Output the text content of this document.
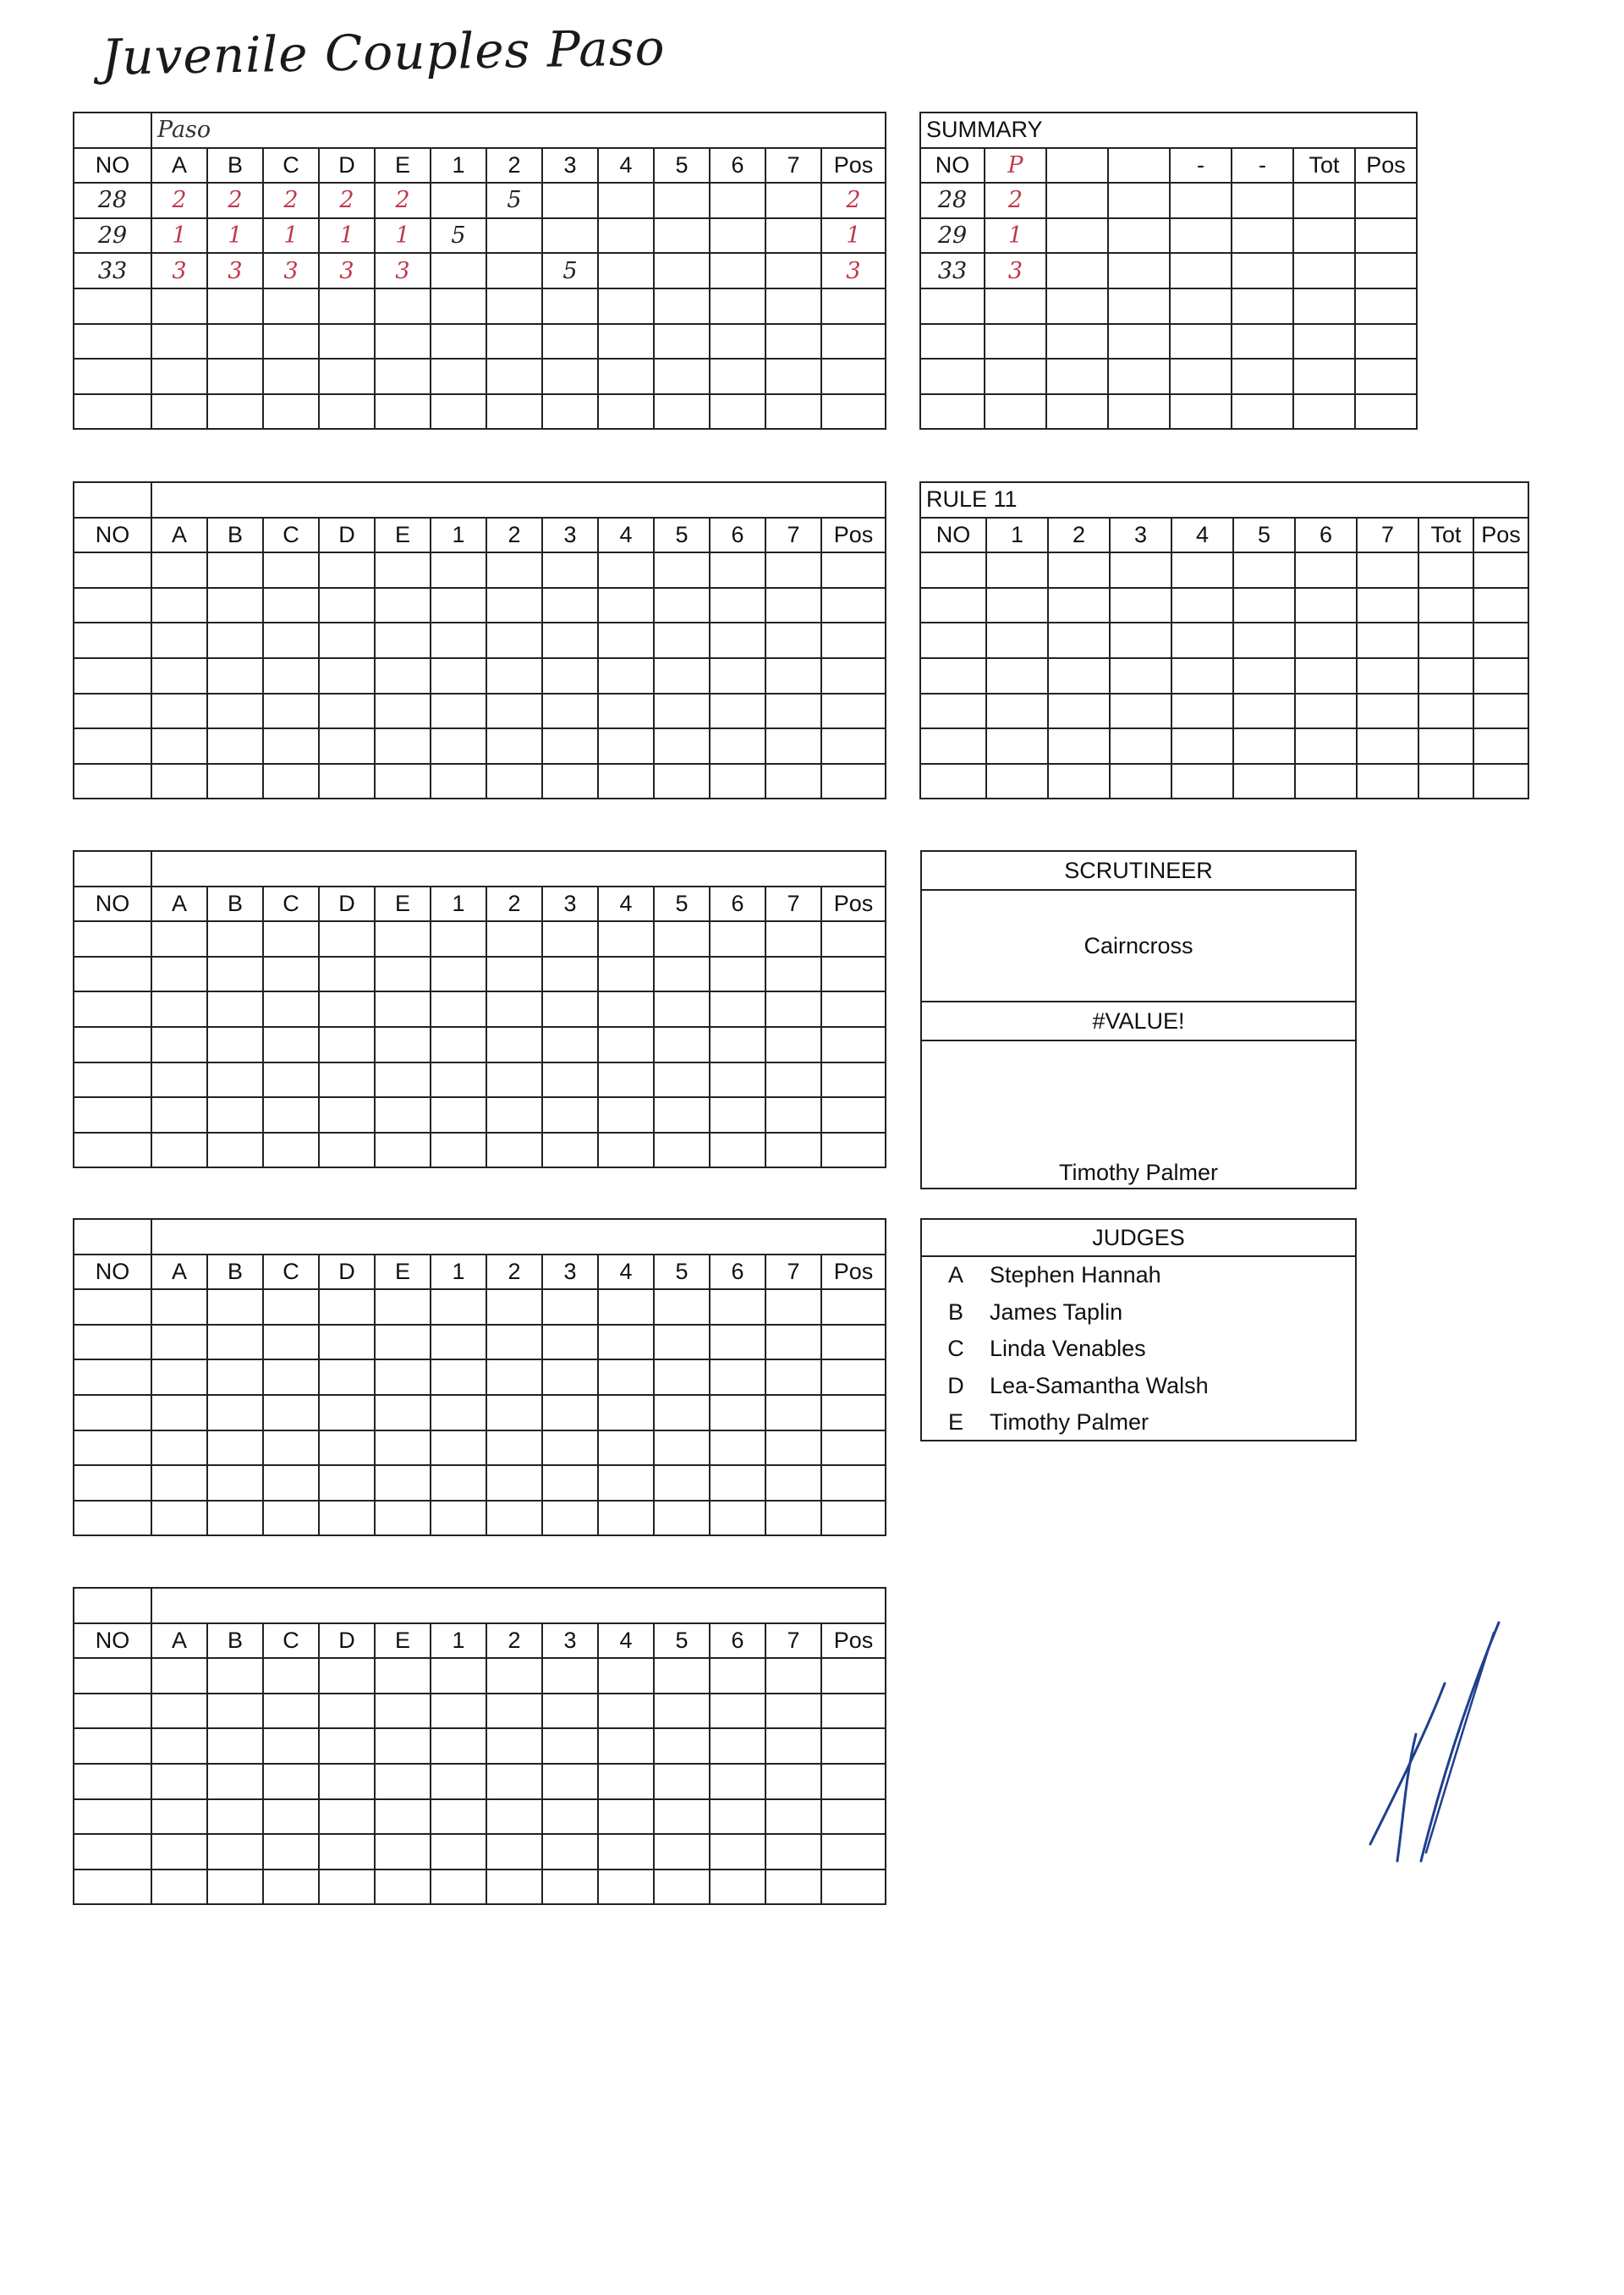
Juvenile Couples Paso
	Paso												
NO	A	B	C	D	E	1	2	3	4	5	6	7	Pos
28	2	2	2	2	2		5						2
29	1	1	1	1	1	5							1
33	3	3	3	3	3			5					3

NO	A	B	C	D	E	1	2	3	4	5	6	7	Pos

NO	A	B	C	D	E	1	2	3	4	5	6	7	Pos

NO	A	B	C	D	E	1	2	3	4	5	6	7	Pos

NO	A	B	C	D	E	1	2	3	4	5	6	7	Pos

SUMMARY							
NO	P			-	-	Tot	Pos
28	2						
29	1						
33	3						

RULE 11									
NO	1	2	3	4	5	6	7	Tot	Pos

SCRUTINEER
Cairncross
#VALUE!
Timothy Palmer
JUDGES
A	Stephen Hannah
B	James Taplin
C	Linda Venables
D	Lea-Samantha Walsh
E	Timothy Palmer
